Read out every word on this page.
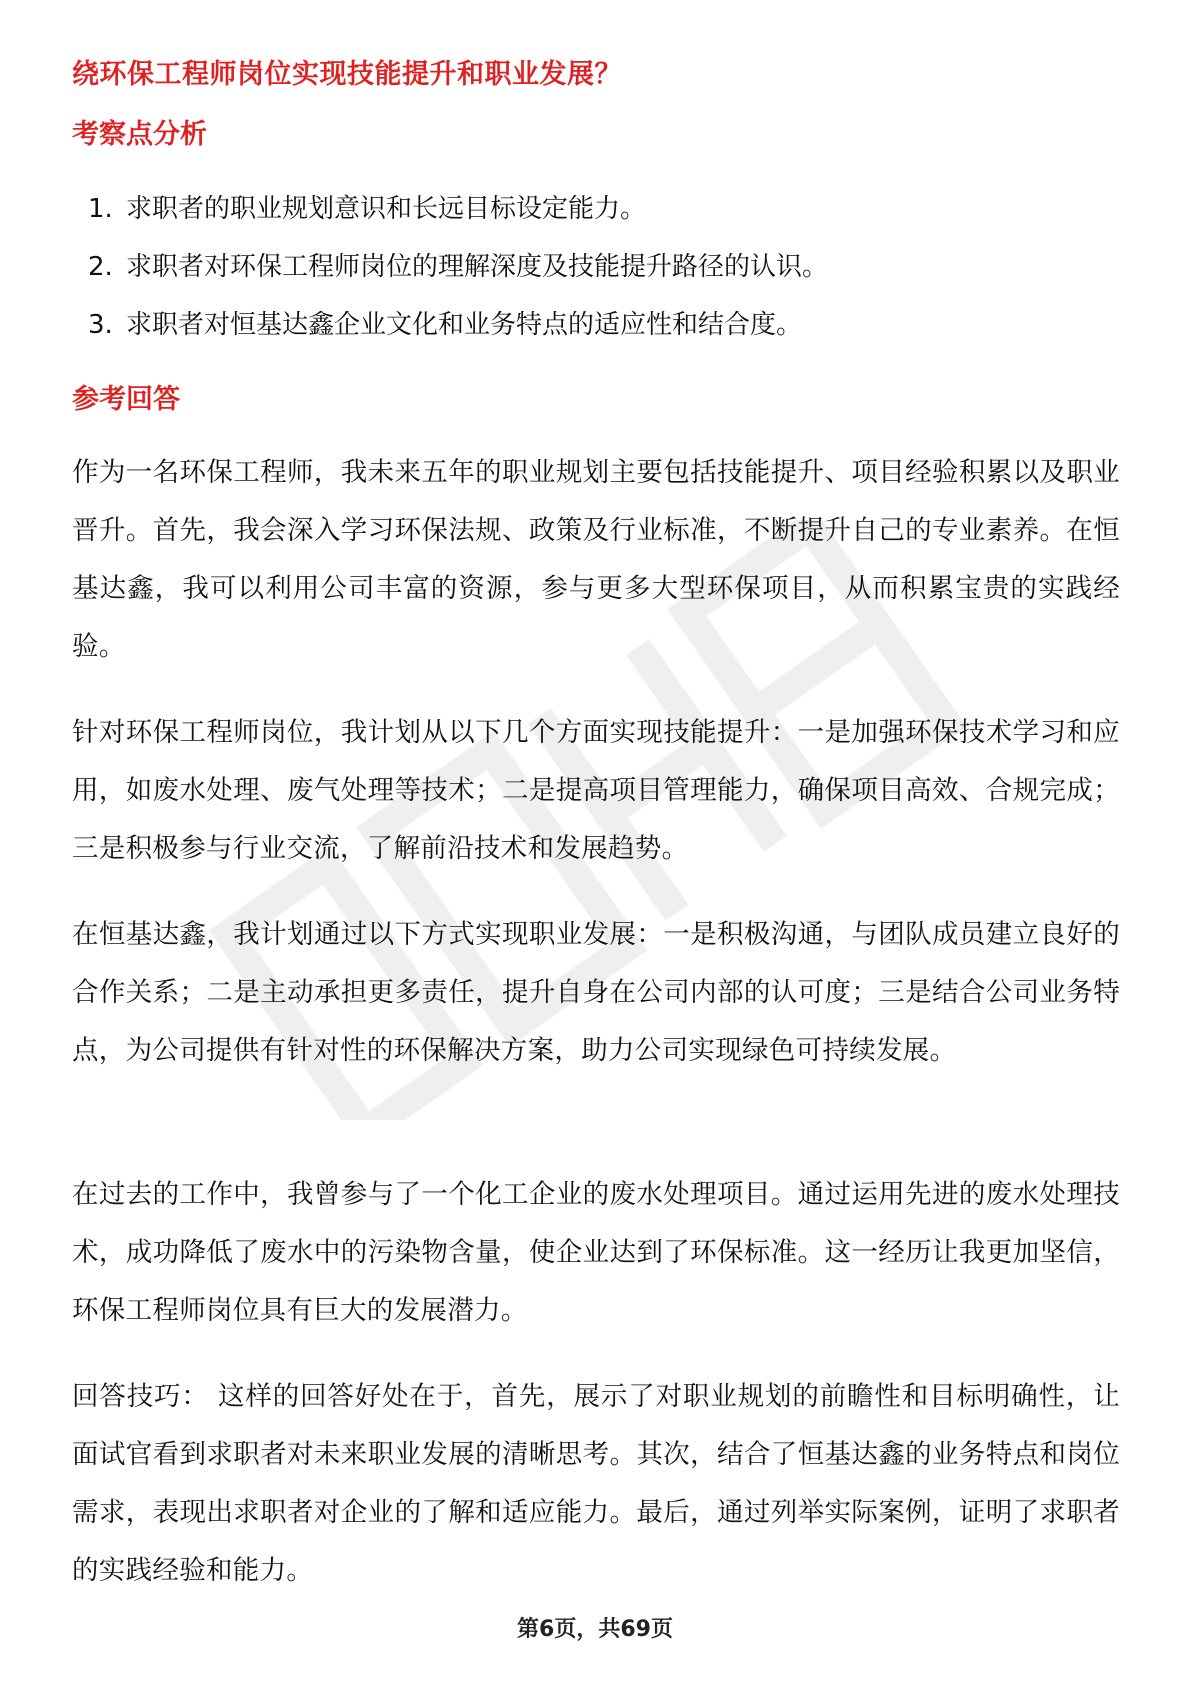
绕环保工程师岗位实现技能提升和职业发展？
考察点分析
1. 求职者的职业规划意识和长远目标设定能力。
2. 求职者对环保工程师岗位的理解深度及技能提升路径的认识。
3. 求职者对恒基达鑫企业文化和业务特点的适应性和结合度。
参考回答

作为一名环保工程师，我未来五年的职业规划主要包括技能提升、项目经验积累以及职业晋升。首先，我会深入学习环保法规、政策及行业标准，不断提升自己的专业素养。在恒基达鑫，我可以利用公司丰富的资源，参与更多大型环保项目，从而积累宝贵的实践经验。

针对环保工程师岗位，我计划从以下几个方面实现技能提升：一是加强环保技术学习和应用，如废水处理、废气处理等技术；二是提高项目管理能力，确保项目高效、合规完成；三是积极参与行业交流，了解前沿技术和发展趋势。

在恒基达鑫，我计划通过以下方式实现职业发展：一是积极沟通，与团队成员建立良好的合作关系；二是主动承担更多责任，提升自身在公司内部的认可度；三是结合公司业务特点，为公司提供有针对性的环保解决方案，助力公司实现绿色可持续发展。

在过去的工作中，我曾参与了一个化工企业的废水处理项目。通过运用先进的废水处理技术，成功降低了废水中的污染物含量，使企业达到了环保标准。这一经历让我更加坚信，环保工程师岗位具有巨大的发展潜力。

回答技巧： 这样的回答好处在于，首先，展示了对职业规划的前瞻性和目标明确性，让面试官看到求职者对未来职业发展的清晰思考。其次，结合了恒基达鑫的业务特点和岗位需求，表现出求职者对企业的了解和适应能力。最后，通过列举实际案例，证明了求职者的实践经验和能力。

第6页，共69页
